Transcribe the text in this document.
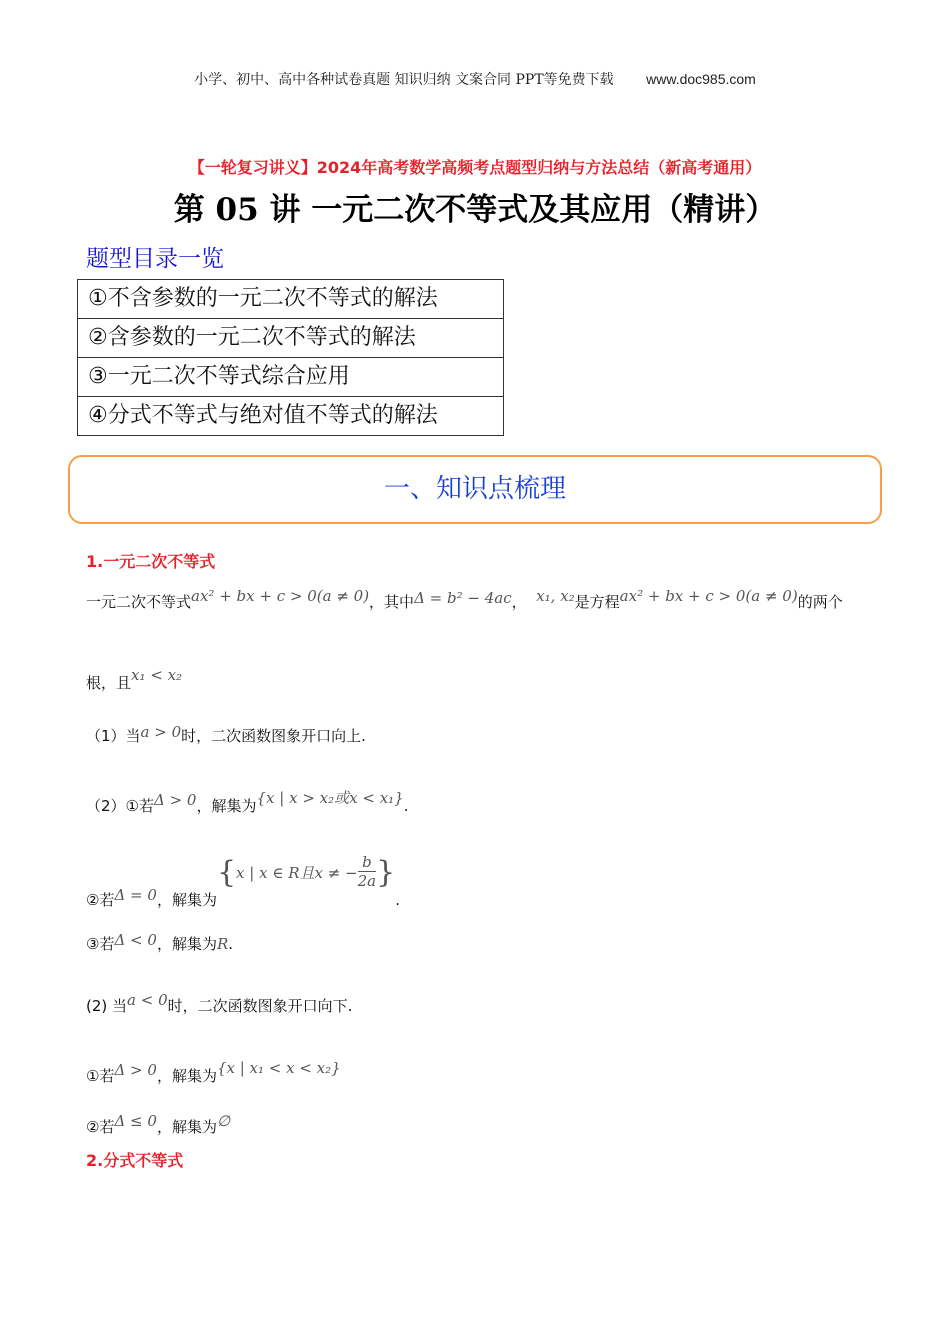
小学、初中、高中各种试卷真题 知识归纳 文案合同 PPT等免费下载 www.doc985.com
【一轮复习讲义】2024年高考数学高频考点题型归纳与方法总结（新高考通用）
第 05 讲 一元二次不等式及其应用（精讲）
题型目录一览
①不含参数的一元二次不等式的解法
②含参数的一元二次不等式的解法
③一元二次不等式综合应用
④分式不等式与绝对值不等式的解法
一、知识点梳理
1.一元二次不等式
一元二次不等式ax² + bx + c > 0(a ≠ 0)，其中Δ = b² − 4ac， x₁, x₂是方程ax² + bx + c > 0(a ≠ 0)的两个
根，且x₁ < x₂
（1）当a > 0时，二次函数图象开口向上.
（2）①若Δ > 0，解集为{x | x > x₂或x < x₁}.
②若Δ = 0，解集为{x | x ∈ R且x ≠ − $\frac{b}{2a}$ }.
③若Δ < 0，解集为R.
(2) 当a < 0时，二次函数图象开口向下.
①若Δ > 0，解集为{x | x₁ < x < x₂}
②若Δ ≤ 0，解集为∅
2.分式不等式
